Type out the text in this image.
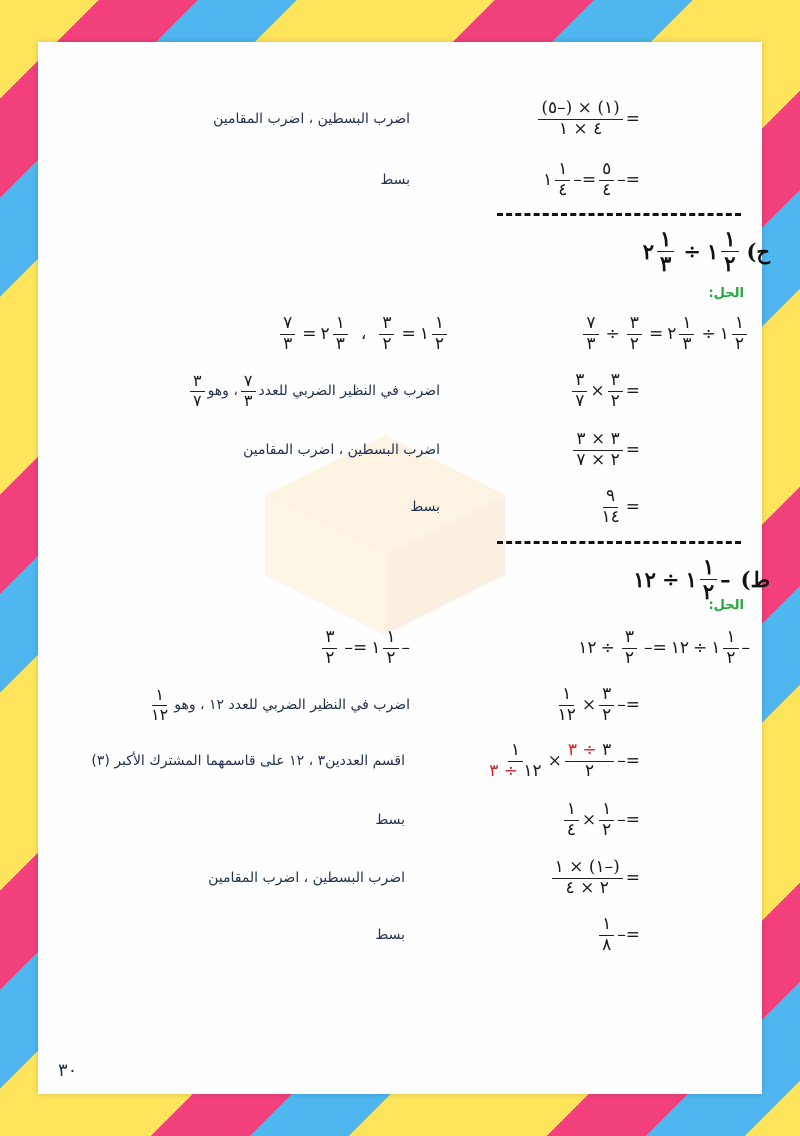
=
$\frac{(١) \times (-٥)}{٤ \times ١}$
اضرب البسطين ، اضرب المقامين
=–
$\frac{٥}{٤}$
=–
$\frac{١}{٤}$
١
بسط
ح)
$\frac{١}{٢}$
١
÷
$\frac{١}{٣}$
٢
الحل:
$\frac{١}{٢}$
١
÷
$\frac{١}{٣}$
٢
=
$\frac{٣}{٢}$
÷
$\frac{٧}{٣}$
$\frac{١}{٢}$
١
=
$\frac{٣}{٢}$
،
$\frac{١}{٣}$
٢
=
$\frac{٧}{٣}$
=
$\frac{٣}{٢}$
×
$\frac{٣}{٧}$
اضرب في النظير الضربي للعدد
$\frac{٧}{٣}$
، وهو
$\frac{٣}{٧}$
=
$\frac{٣ \times ٣}{٢ \times ٧}$
اضرب البسطين ، اضرب المقامين
=
$\frac{٩}{١٤}$
بسط
ط)
–
$\frac{١}{٢}$
١
÷
١٢
الحل:
–
$\frac{١}{٢}$
١
÷
١٢
=–
$\frac{٣}{٢}$
÷
١٢
–
$\frac{١}{٢}$
١
=–
$\frac{٣}{٢}$
=–
$\frac{٣}{٢}$
×
$\frac{١}{١٢}$
اضرب في النظير الضربي للعدد ١٢ ، وهو
$\frac{١}{١٢}$
=–
$\frac{٣ \div ٣}{٢}$
×
$\frac{١}{١٢ \div ٣}$
اقسم العددين٣ ، ١٢ على قاسمهما المشترك الأكبر (٣)
=–
$\frac{١}{٢}$
×
$\frac{١}{٤}$
بسط
=
$\frac{(-١) \times ١}{٢ \times ٤}$
اضرب البسطين ، اضرب المقامين
=–
$\frac{١}{٨}$
بسط
٣٠
